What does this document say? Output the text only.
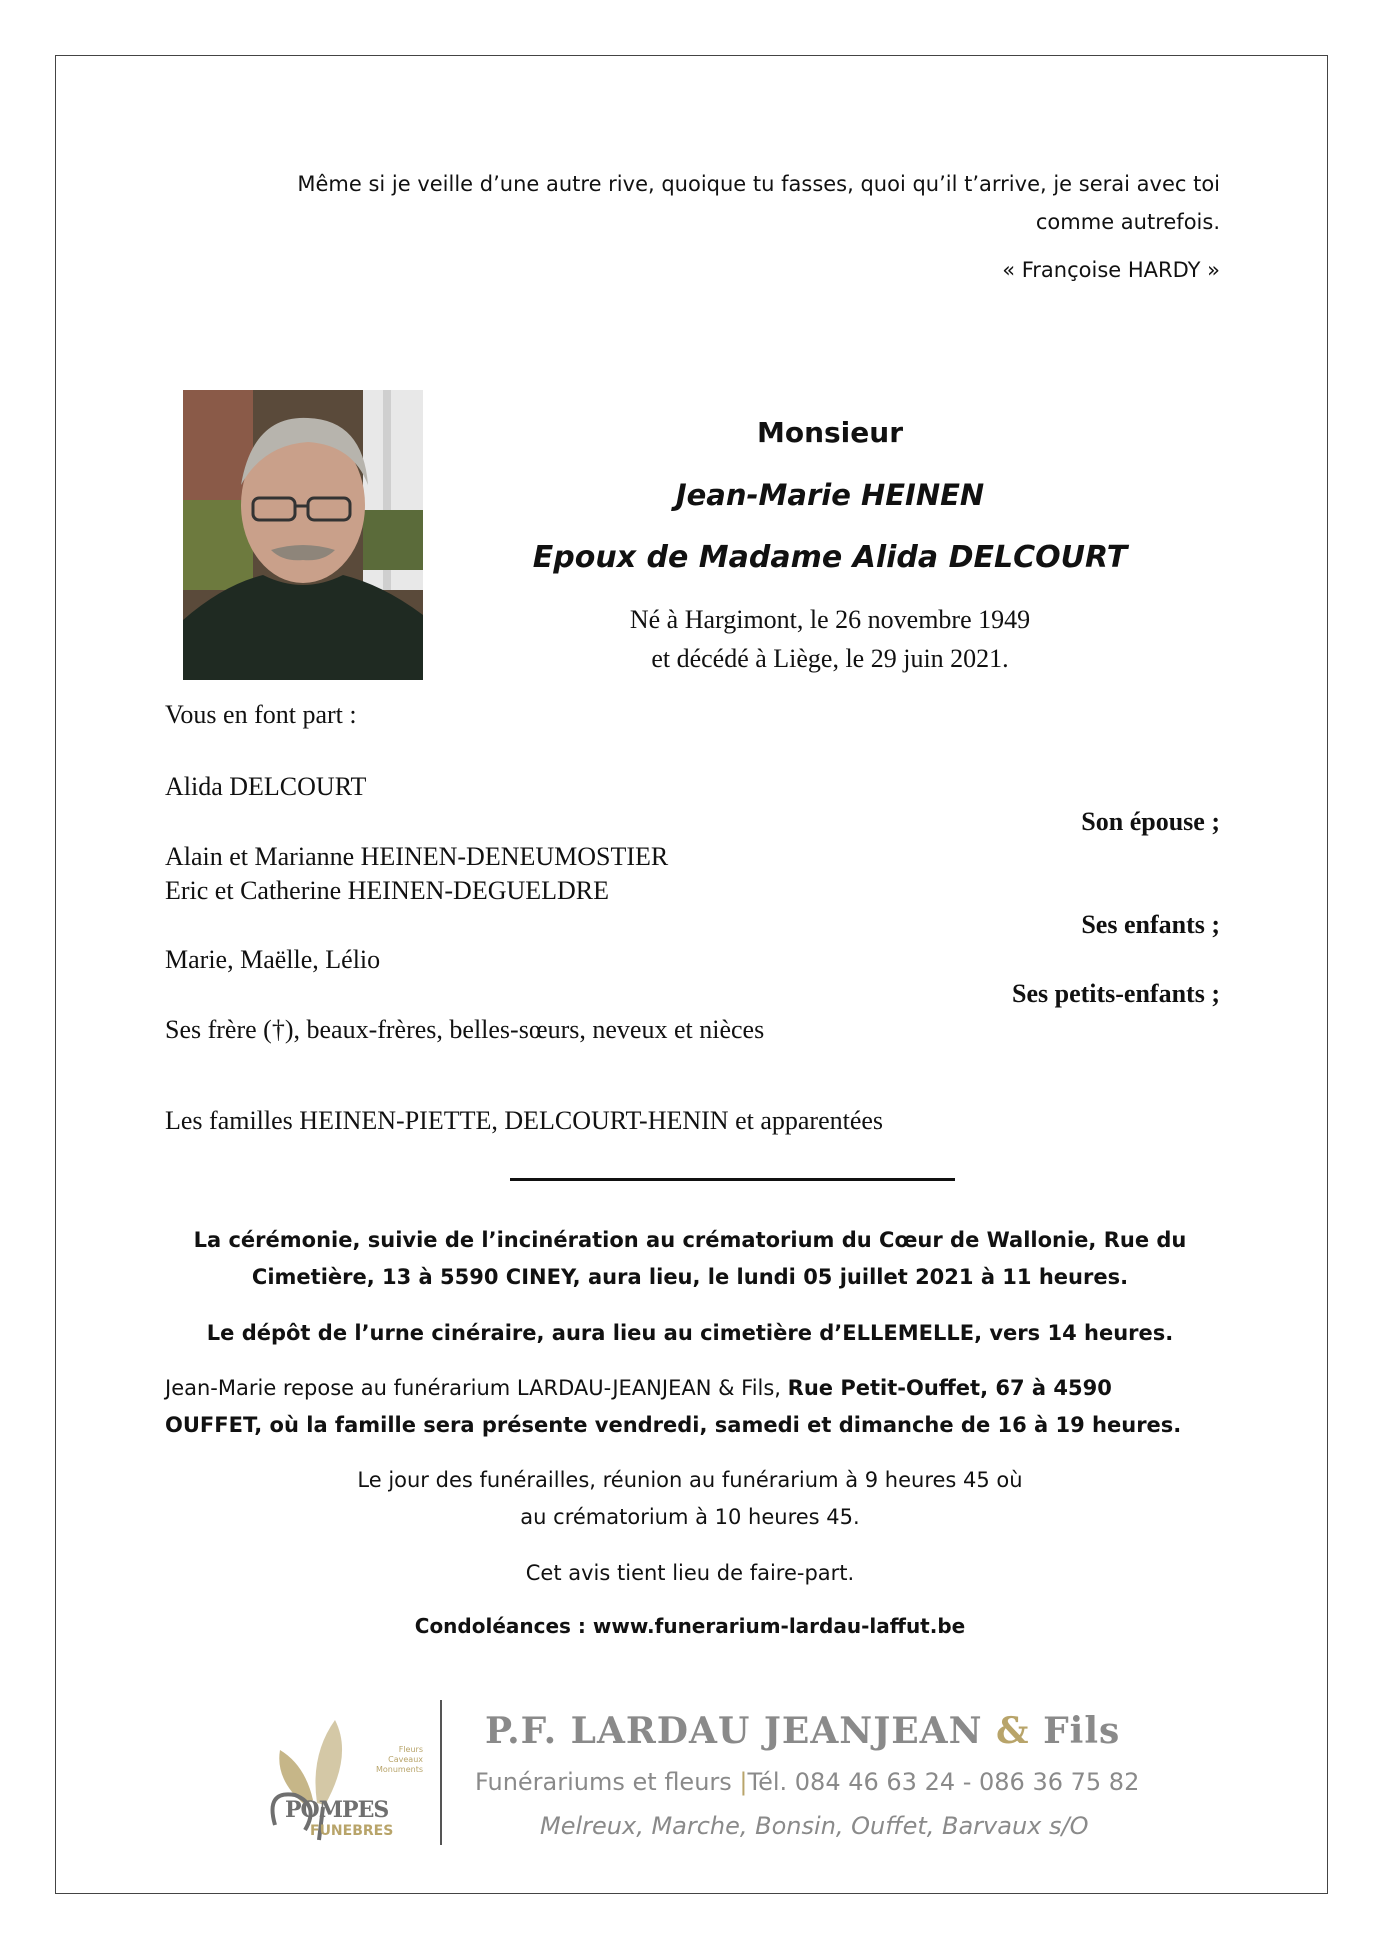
Même si je veille d’une autre rive, quoique tu fasses, quoi qu’il t’arrive, je serai avec toi
comme autrefois.
« Françoise HARDY »
Monsieur
Jean-Marie HEINEN
Epoux de Madame Alida DELCOURT
Né à Hargimont, le 26 novembre 1949
et décédé à Liège, le 29 juin 2021.
Vous en font part :
Alida DELCOURT
Son épouse ;
Alain et Marianne HEINEN-DENEUMOSTIER
Eric et Catherine HEINEN-DEGUELDRE
Ses enfants ;
Marie, Maëlle, Lélio
Ses petits-enfants ;
Ses frère (†), beaux-frères, belles-sœurs, neveux et nièces
Les familles HEINEN-PIETTE, DELCOURT-HENIN et apparentées
La cérémonie, suivie de l’incinération au crématorium du Cœur de Wallonie, Rue du
Cimetière, 13 à 5590 CINEY, aura lieu, le lundi 05 juillet 2021 à 11 heures.
Le dépôt de l’urne cinéraire, aura lieu au cimetière d’ELLEMELLE, vers 14 heures.
Jean-Marie repose au funérarium LARDAU-JEANJEAN & Fils, Rue Petit-Ouffet, 67 à 4590
OUFFET, où la famille sera présente vendredi, samedi et dimanche de 16 à 19 heures.
Le jour des funérailles, réunion au funérarium à 9 heures 45 où
au crématorium à 10 heures 45.
Cet avis tient lieu de faire-part.
Condoléances : www.funerarium-lardau-laffut.be
Fleurs
Caveaux
Monuments
POMPES
FUNEBRES
P.F. LARDAU JEANJEAN & Fils
Funérariums et fleurs |Tél. 084 46 63 24 - 086 36 75 82
Melreux, Marche, Bonsin, Ouffet, Barvaux s/O
